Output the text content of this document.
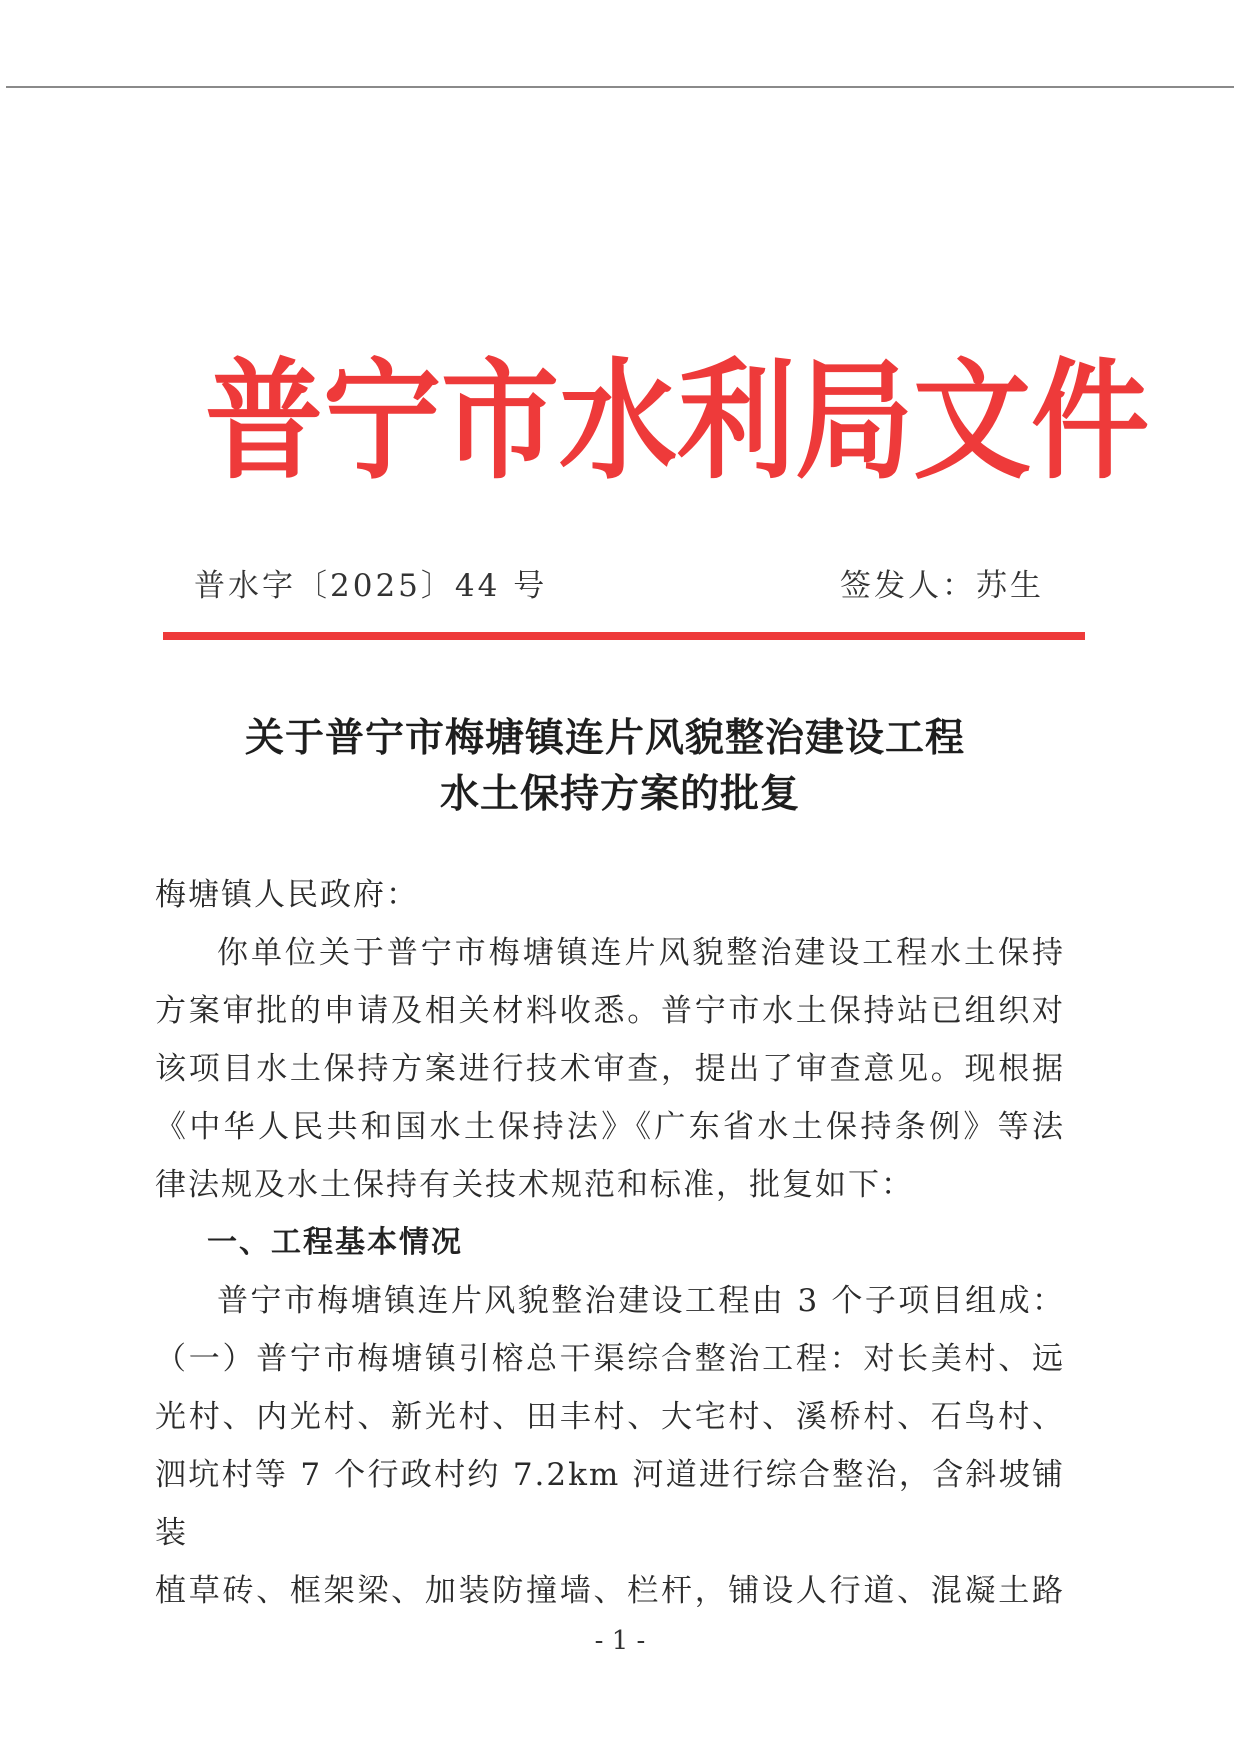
普 宁 市 水 利 局 文 件
普水字〔2025〕44 号	签发人：苏生
关于普宁市梅塘镇连片风貌整治建设工程
水土保持方案的批复

梅塘镇人民政府：

你单位关于普宁市梅塘镇连片风貌整治建设工程水土保持

方案审批的申请及相关材料收悉。普宁市水土保持站已组织对

该项目水土保持方案进行技术审查，提出了审查意见。现根据

《中华人民共和国水土保持法》《广东省水土保持条例》等法

律法规及水土保持有关技术规范和标准，批复如下：

一、工程基本情况

普宁市梅塘镇连片风貌整治建设工程由 3 个子项目组成：

（一）普宁市梅塘镇引榕总干渠综合整治工程：对长美村、远

光村、内光村、新光村、田丰村、大宅村、溪桥村、石鸟村、

泗坑村等 7 个行政村约 7.2km 河道进行综合整治，含斜坡铺装

植草砖、框架梁、加装防撞墙、栏杆，铺设人行道、混凝土路

- 1 -
